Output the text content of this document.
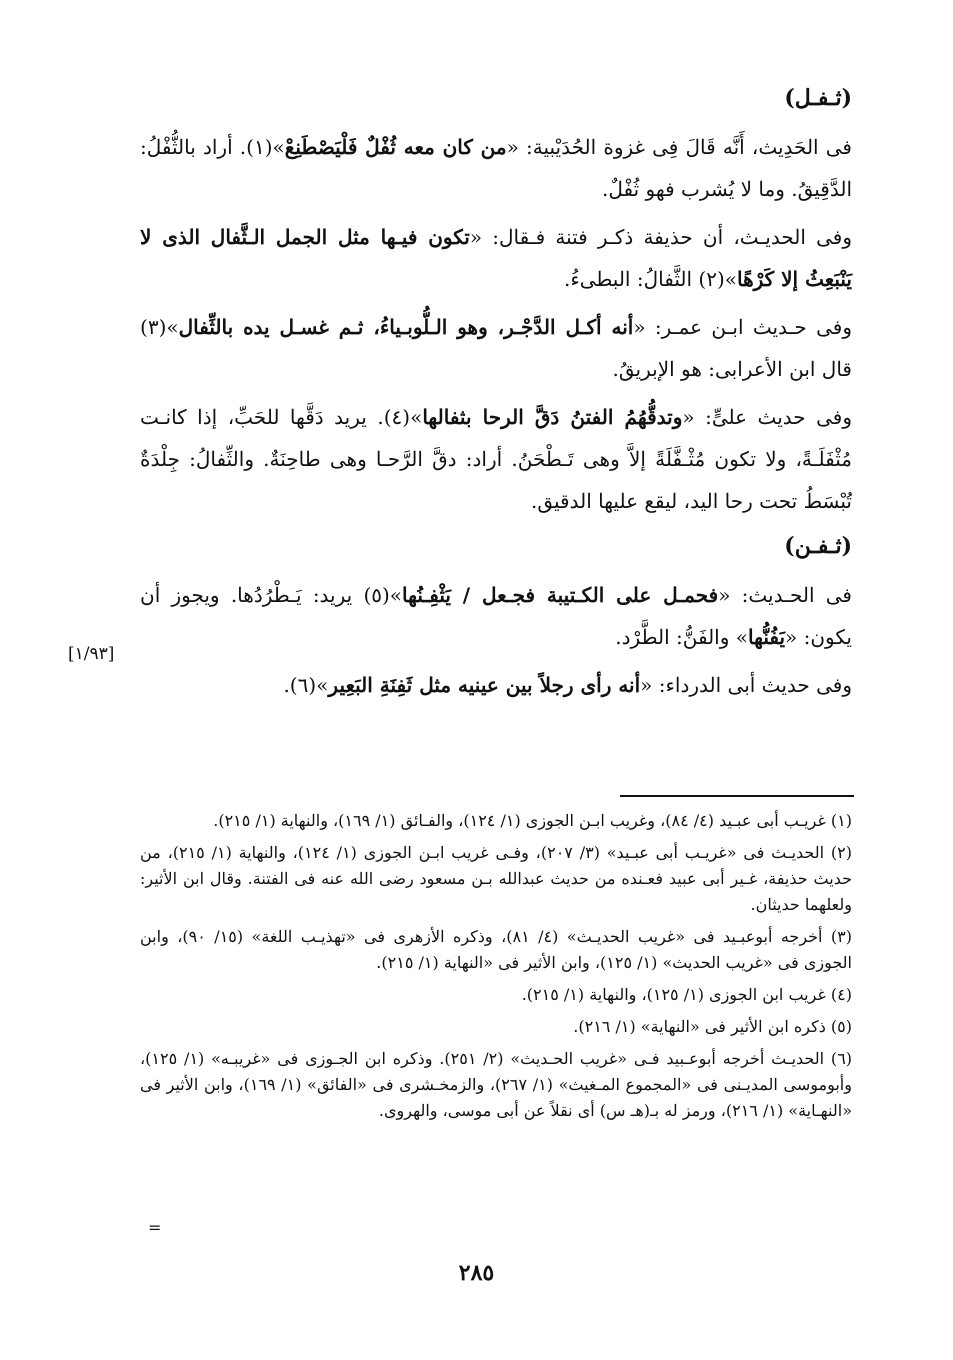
(ثـفـل)
فى الحَدِيث، أَنَّه قَالَ فِى غزوة الحُدَيْبية: «من كان معه ثُفْلٌ فَلْيَصْطَنِعْ»(١). أراد بالثُّفْلُ: الدَّقِيقُ. وما لا يُشرب فهو ثُفْلٌ.
وفى الحديـث، أن حذيفة ذكـر فتنة فـقال: «تكون فيـها مثل الجمل الـثَّفال الذى لا يَنْبَعِثُ إلا كَرْهًا»(٢) الثَّفالُ: البطىءُ.
وفى حـديث ابـن عمـر: «أنه أكـل الدَّجْـر، وهو الـلُّوبـياءُ، ثـم غسـل يده بالثِّفال»(٣) قال ابن الأعرابى: هو الإبريقُ.
وفى حديث علىٍّ: «وتدقُّهُمُ الفتنُ دَقَّ الرحا بثفالها»(٤). يريد دَقَّها للحَبِّ، إذا كانـت مُثْفَلَـةً، ولا تكون مُثْـفَّلَةً إلاَّ وهى تَـطْحَنُ. أراد: دقَّ الرَّحـا وهى طاحِنَةٌ. والثِّفالُ: جِلْدَةٌ تُبْسَطُ تحت رحا اليد، ليقع عليها الدقيق.
(ثـفـن)
فى الحـديث: «فحمـل على الكـتيبة فجـعل / يَثْفِـنُها»(٥) يريد: يَـطْرُدُها. ويجوز أن يكون: «يَفُنُّها» والفَنُّ: الطَّرْد.
وفى حديث أبى الدرداء: «أنه رأى رجلاً بين عينيه مثل ثَفِنَةِ البَعِير»(٦).
[١/٩٣]
(١) غريـب أبى عبـيد (٤/ ٨٤)، وغريب ابـن الجوزى (١/ ١٢٤)، والفـائق (١/ ١٦٩)، والنهاية (١/ ٢١٥).
(٢) الحديـث فى «غريـب أبى عبـيد» (٣/ ٢٠٧)، وفـى غريب ابـن الجوزى (١/ ١٢٤)، والنهاية (١/ ٢١٥)، من حديث حذيفة، غـير أبى عبيد فعـنده من حديث عبدالله بـن مسعود رضى الله عنه فى الفتنة. وقال ابن الأثير: ولعلهما حديثان.
(٣) أخرجه أبوعبـيد فى «غريب الحديـث» (٤/ ٨١)، وذكره الأزهرى فى «تهذيـب اللغة» (١٥/ ٩٠)، وابن الجوزى فى «غريب الحديث» (١/ ١٢٥)، وابن الأثير فى «النهاية (١/ ٢١٥).
(٤) غريب ابن الجوزى (١/ ١٢٥)، والنهاية (١/ ٢١٥).
(٥) ذكره ابن الأثير فى «النهاية» (١/ ٢١٦).
(٦) الحديـث أخرجه أبوعـبيد فـى «غريب الحـديث» (٢/ ٢٥١). وذكره ابن الجـوزى فى «غريبـه» (١/ ١٢٥)، وأبوموسى المديـنى فى «المجموع المـغيث» (١/ ٢٦٧)، والزمخـشرى فى «الفائق» (١/ ١٦٩)، وابن الأثير فى «النهـاية» (١/ ٢١٦)، ورمز له بـ(هـ س) أى نقلاً عن أبى موسى، والهروى.
=
٢٨٥
